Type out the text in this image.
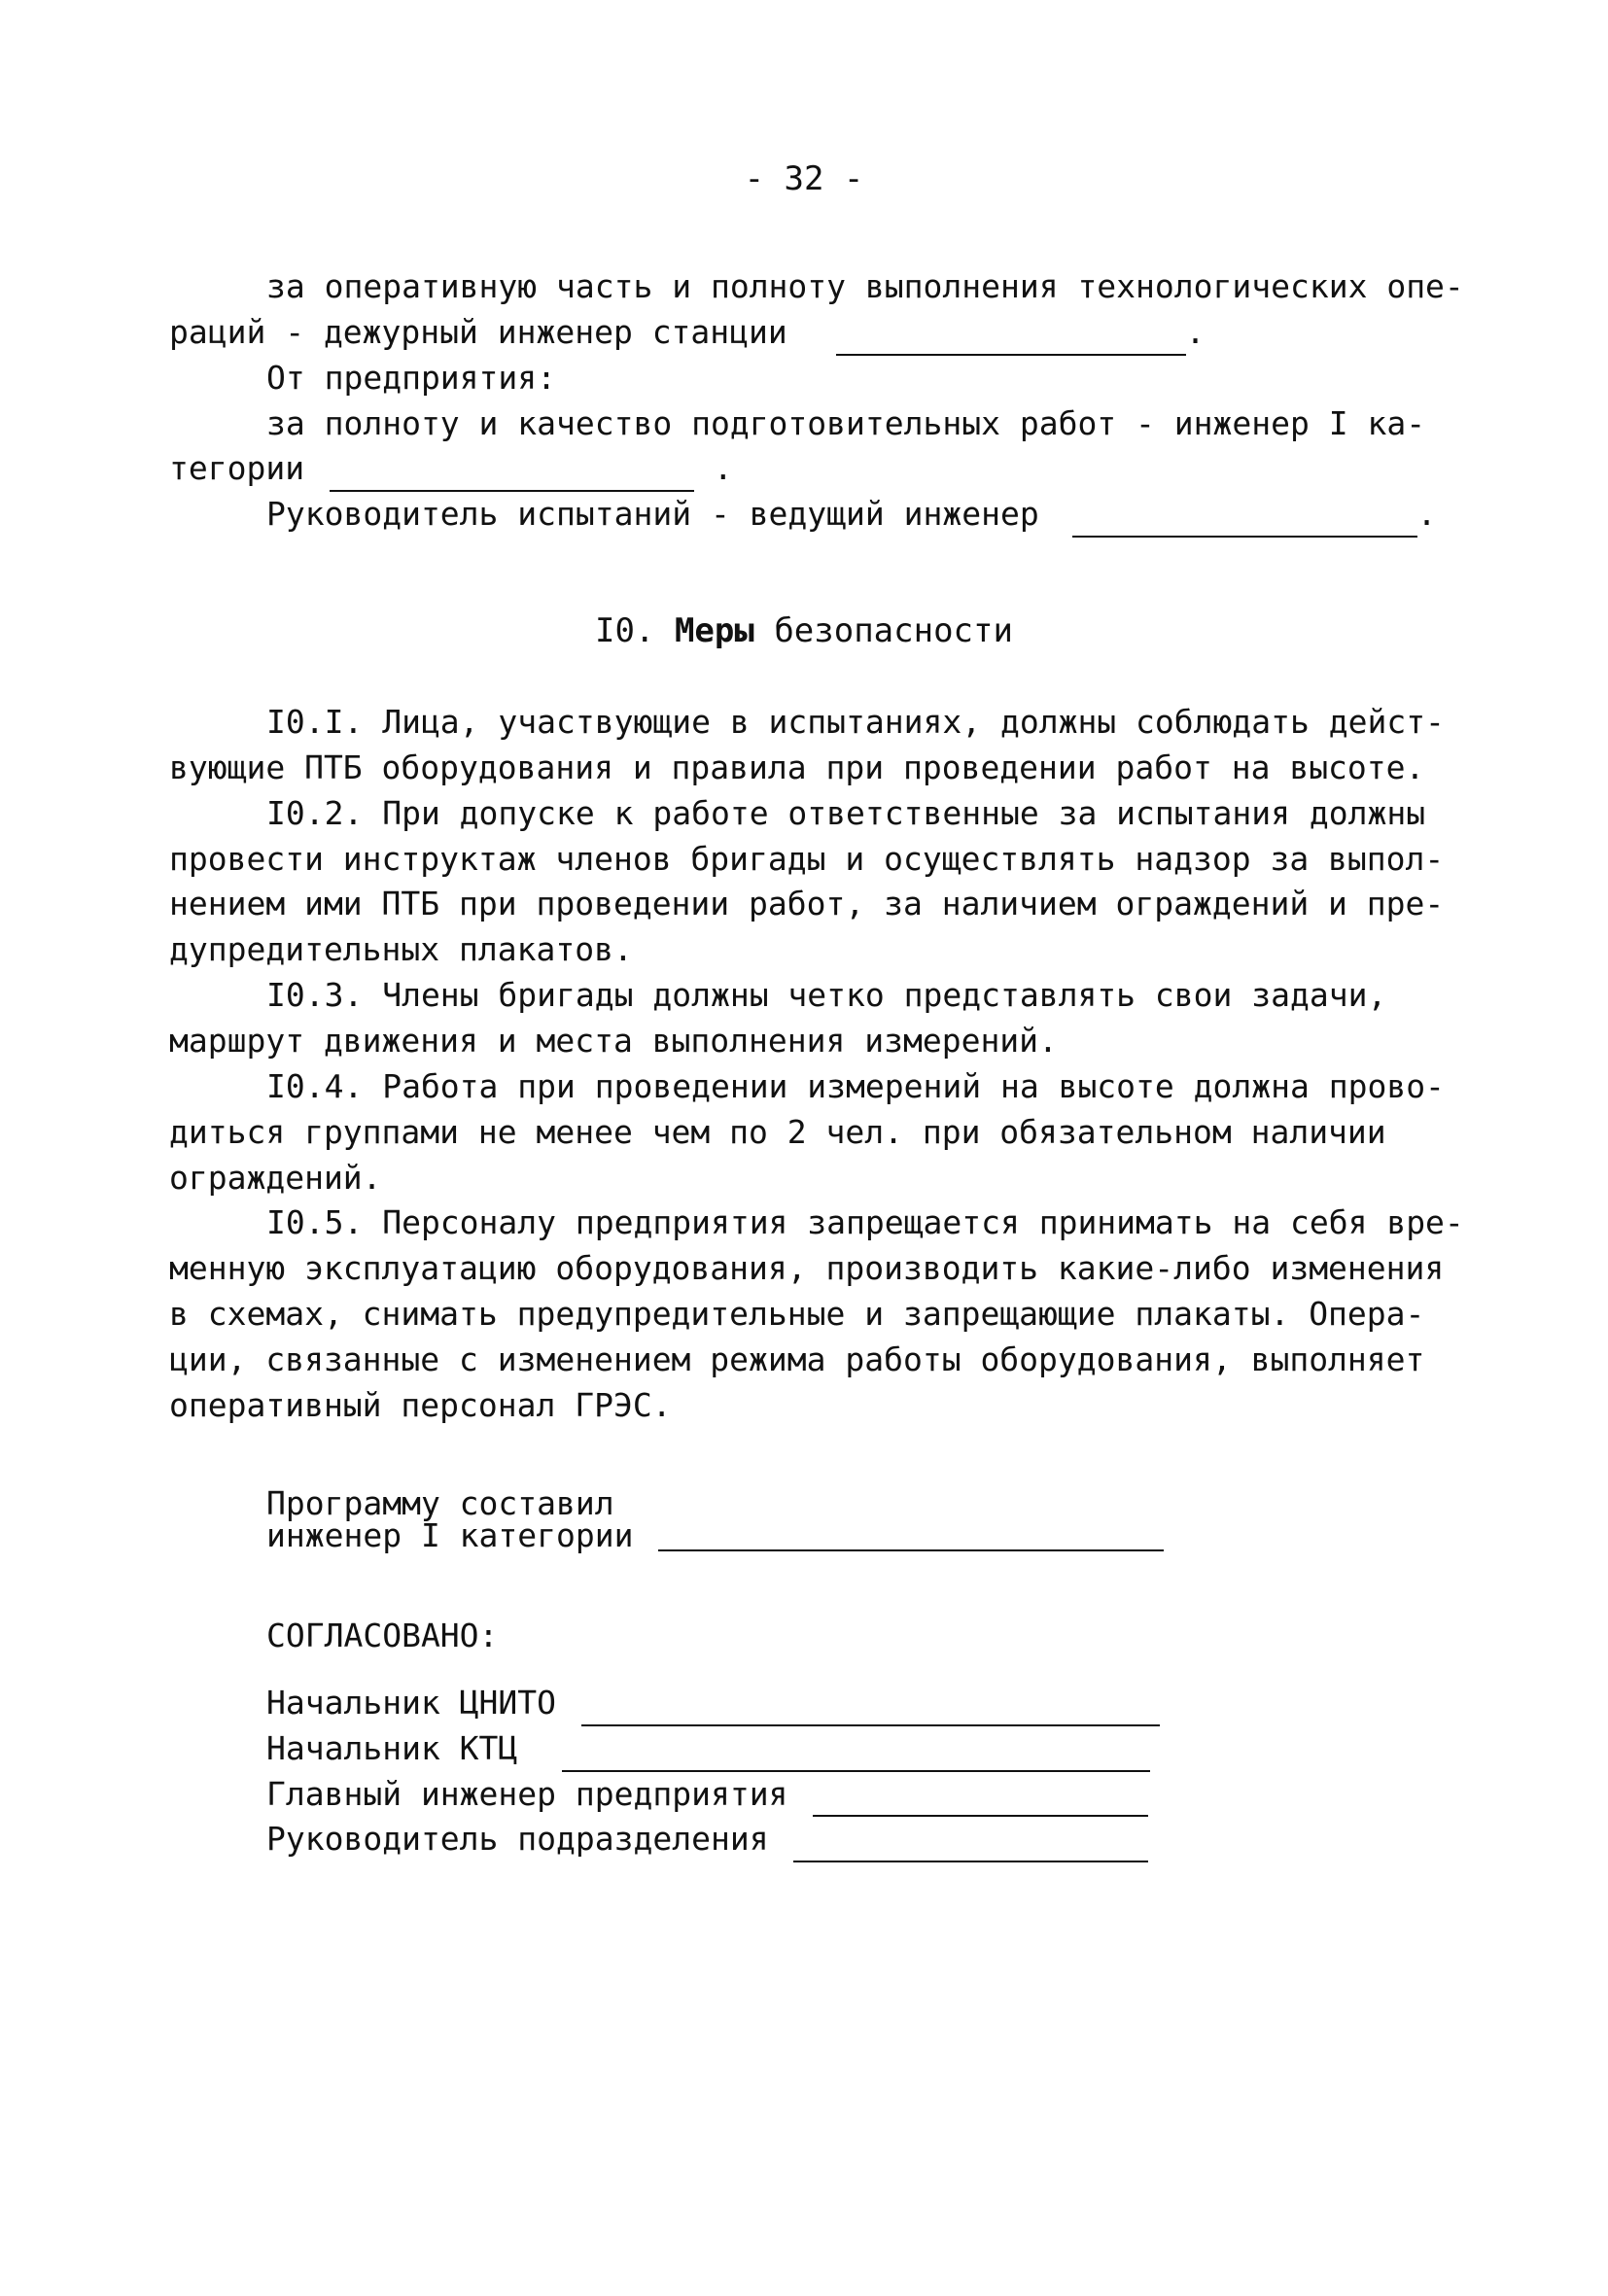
- 32 -

за оперативную часть и полноту выполнения технологических опе-

раций - дежурный инженер станции	.

От предприятия:

за полноту и качество подготовительных работ - инженер I ка-

тегории	.

Руководитель испытаний - ведущий инженер	.

I0. Меры безопасности

I0.I. Лица, участвующие в испытаниях, должны соблюдать дейст-

вующие ПТБ оборудования и правила при проведении работ на высоте.

I0.2. При допуске к работе ответственные за испытания должны

провести инструктаж членов бригады и осуществлять надзор за выпол-

нением ими ПТБ при проведении работ, за наличием ограждений и пре-

дупредительных плакатов.

I0.3. Члены бригады должны четко представлять свои задачи,

маршрут движения и места выполнения измерений.

I0.4. Работа при проведении измерений на высоте должна прово-

диться группами не менее чем по 2 чел. при обязательном наличии

ограждений.

I0.5. Персоналу предприятия запрещается принимать на себя вре-

менную эксплуатацию оборудования, производить какие-либо изменения

в схемах, снимать предупредительные и запрещающие плакаты. Опера-

ции, связанные с изменением режима работы оборудования, выполняет

оперативный персонал ГРЭС.

Программу составил

инженер I категории

СОГЛАСОВАНО:

Начальник ЦНИТО

Начальник КТЦ

Главный инженер предприятия

Руководитель подразделения
